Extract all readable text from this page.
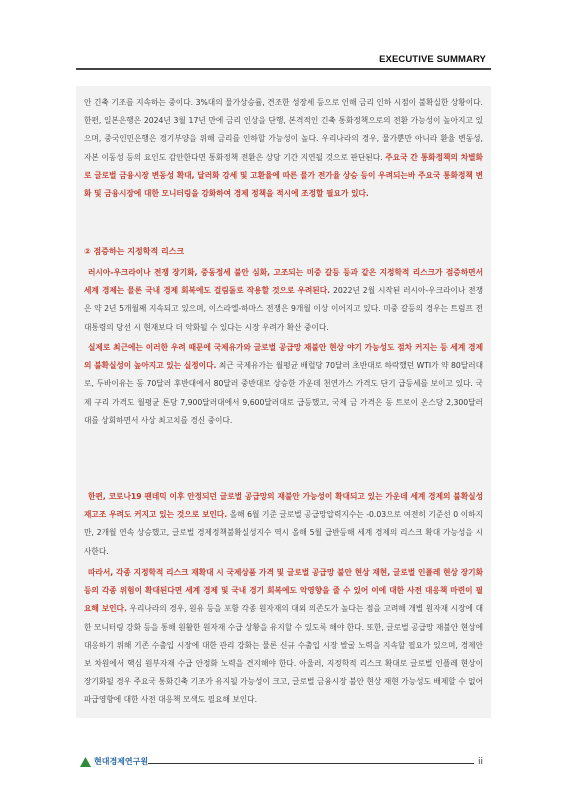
EXECUTIVE SUMMARY
안 긴축 기조를 지속하는 중이다. 3%대의 물가상승률, 견조한 성장세 등으로 인해 금리 인하 시점이 불확실한 상황이다. 한편, 일본은행은 2024년 3월 17년 만에 금리 인상을 단행, 본격적인 긴축 통화정책으로의 전환 가능성이 높아지고 있으며, 중국인민은행은 경기부양을 위해 금리를 인하할 가능성이 높다. 우리나라의 경우, 물가뿐만 아니라 환율 변동성, 자본 이동성 등의 요인도 감안한다면 통화정책 전환은 상당 기간 지연될 것으로 판단된다. 주요국 간 통화정책의 차별화로 글로벌 금융시장 변동성 확대, 달러화 강세 및 고환율에 따른 물가 전가율 상승 등이 우려되는바 주요국 통화정책 변화 및 금융시장에 대한 모니터링을 강화하여 경제 정책을 적시에 조정할 필요가 있다.
② 점증하는 지정학적 리스크
러시아-우크라이나 전쟁 장기화, 중동정세 불안 심화, 고조되는 미중 갈등 등과 같은 지정학적 리스크가 점증하면서 세계 경제는 물론 국내 경제 회복에도 걸림돌로 작용할 것으로 우려된다. 2022년 2월 시작된 러시아-우크라이나 전쟁은 약 2년 5개월째 지속되고 있으며, 이스라엘-하마스 전쟁은 9개월 이상 이어지고 있다. 미중 갈등의 경우는 트럼프 전 대통령의 당선 시 현재보다 더 악화될 수 있다는 시장 우려가 확산 중이다.
실제로 최근에는 이러한 우려 때문에 국제유가와 글로벌 공급망 재불안 현상 야기 가능성도 점차 커지는 등 세계 경제의 불확실성이 높아지고 있는 실정이다. 최근 국제유가는 월평균 배럴당 70달러 초반대로 하락했던 WTI가 약 80달러대로, 두바이유는 동 70달러 후반대에서 80달러 중반대로 상승한 가운데 천연가스 가격도 단기 급등세를 보이고 있다. 국제 구리 가격도 월평균 톤당 7,900달러대에서 9,600달러대로 급등했고, 국제 금 가격은 동 트로이 온스당 2,300달러대를 상회하면서 사상 최고치를 경신 중이다.
한편, 코로나19 팬데믹 이후 안정되던 글로벌 공급망의 재불안 가능성이 확대되고 있는 가운데 세계 경제의 불확실성 재고조 우려도 커지고 있는 것으로 보인다. 올해 6월 기준 글로벌 공급망압력지수는 -0.03으로 여전히 기준선 0 이하지만, 2개월 연속 상승했고, 글로벌 경제정책불확실성지수 역시 올해 5월 급반등해 세계 경제의 리스크 확대 가능성을 시사한다.
따라서, 각종 지정학적 리스크 재확대 시 국제상품 가격 및 글로벌 공급망 불안 현상 재현, 글로벌 인플레 현상 장기화 등의 각종 위험이 확대된다면 세계 경제 및 국내 경기 회복에도 악영향을 줄 수 있어 이에 대한 사전 대응책 마련이 필요해 보인다. 우리나라의 경우, 원유 등을 포함 각종 원자재의 대외 의존도가 높다는 점을 고려해 개별 원자재 시장에 대한 모니터링 강화 등을 통해 원활한 원자재 수급 상황을 유지할 수 있도록 해야 한다. 또한, 글로벌 공급망 재불안 현상에 대응하기 위해 기존 수출입 시장에 대한 관리 강화는 물론 신규 수출입 시장 발굴 노력을 지속할 필요가 있으며, 경제안보 차원에서 핵심 원부자재 수급 안정화 노력을 견지해야 한다. 아울러, 지정학적 리스크 확대로 글로벌 인플레 현상이 장기화될 경우 주요국 통화긴축 기조가 유지될 가능성이 크고, 글로벌 금융시장 불안 현상 재현 가능성도 배제할 수 없어 파급영향에 대한 사전 대응책 모색도 필요해 보인다.
현대경제연구원	ii
